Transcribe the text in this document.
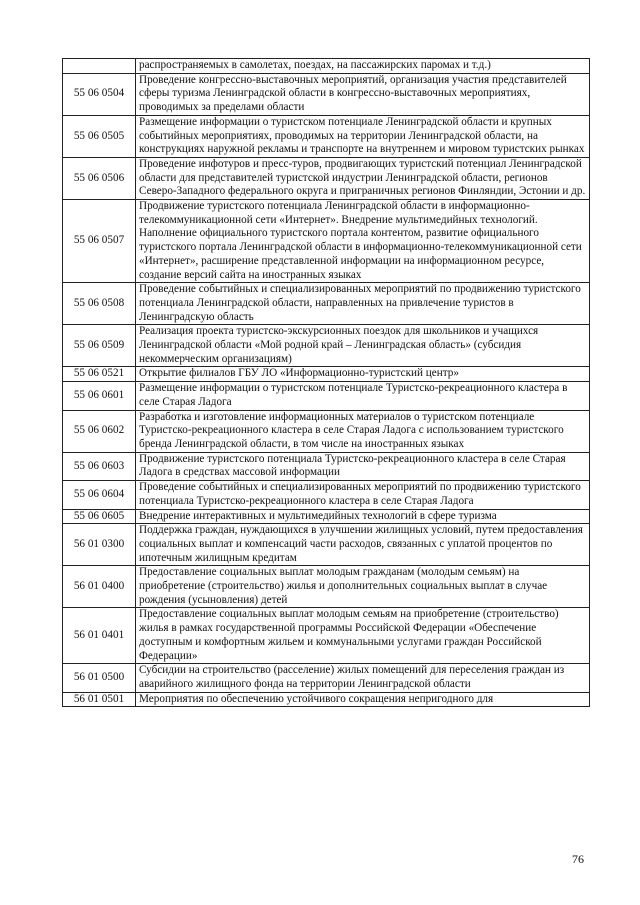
	распространяемых в самолетах, поездах, на пассажирских паромах и т.д.)
55 06 0504	Проведение конгрессно-выставочных мероприятий, организация участия представителей сферы туризма Ленинградской области в конгрессно-выставочных мероприятиях, проводимых за пределами области
55 06 0505	Размещение информации о туристском потенциале Ленинградской области и крупных событийных мероприятиях, проводимых на территории Ленинградской области, на конструкциях наружной рекламы и транспорте на внутреннем и мировом туристских рынках
55 06 0506	Проведение инфотуров и пресс-туров, продвигающих туристский потенциал Ленинградской области для представителей туристской индустрии Ленинградской области, регионов Северо-Западного федерального округа и приграничных регионов Финляндии, Эстонии и др.
55 06 0507	Продвижение туристского потенциала Ленинградской области в информационно-телекоммуникационной сети «Интернет». Внедрение мультимедийных технологий. Наполнение официального туристского портала контентом, развитие официального туристского портала Ленинградской области в информационно-телекоммуникационной сети «Интернет», расширение представленной информации на информационном ресурсе, создание версий сайта на иностранных языках
55 06 0508	Проведение событийных и специализированных мероприятий по продвижению туристского потенциала Ленинградской области, направленных на привлечение туристов в Ленинградскую область
55 06 0509	Реализация проекта туристско-экскурсионных поездок для школьников и учащихся Ленинградской области «Мой родной край – Ленинградская область» (субсидия некоммерческим организациям)
55 06 0521	Открытие филиалов ГБУ ЛО «Информационно-туристский центр»
55 06 0601	Размещение информации о туристском потенциале Туристско-рекреационного кластера в селе Старая Ладога
55 06 0602	Разработка и изготовление информационных материалов о туристском потенциале Туристско-рекреационного кластера в селе Старая Ладога с использованием туристского бренда Ленинградской области, в том числе на иностранных языках
55 06 0603	Продвижение туристского потенциала Туристско-рекреационного кластера в селе Старая Ладога в средствах массовой информации
55 06 0604	Проведение событийных и специализированных мероприятий по продвижению туристского потенциала Туристско-рекреационного кластера в селе Старая Ладога
55 06 0605	Внедрение интерактивных и мультимедийных технологий в сфере туризма
56 01 0300	Поддержка граждан, нуждающихся в улучшении жилищных условий, путем предоставления социальных выплат и компенсаций части расходов, связанных с уплатой процентов по ипотечным жилищным кредитам
56 01 0400	Предоставление социальных выплат молодым гражданам (молодым семьям) на приобретение (строительство) жилья и дополнительных социальных выплат в случае рождения (усыновления) детей
56 01 0401	Предоставление социальных выплат молодым семьям на приобретение (строительство) жилья в рамках государственной программы Российской Федерации «Обеспечение доступным и комфортным жильем и коммунальными услугами граждан Российской Федерации»
56 01 0500	Субсидии на строительство (расселение) жилых помещений для переселения граждан из аварийного жилищного фонда на территории Ленинградской области
56 01 0501	Мероприятия по обеспечению устойчивого сокращения непригодного для
76
